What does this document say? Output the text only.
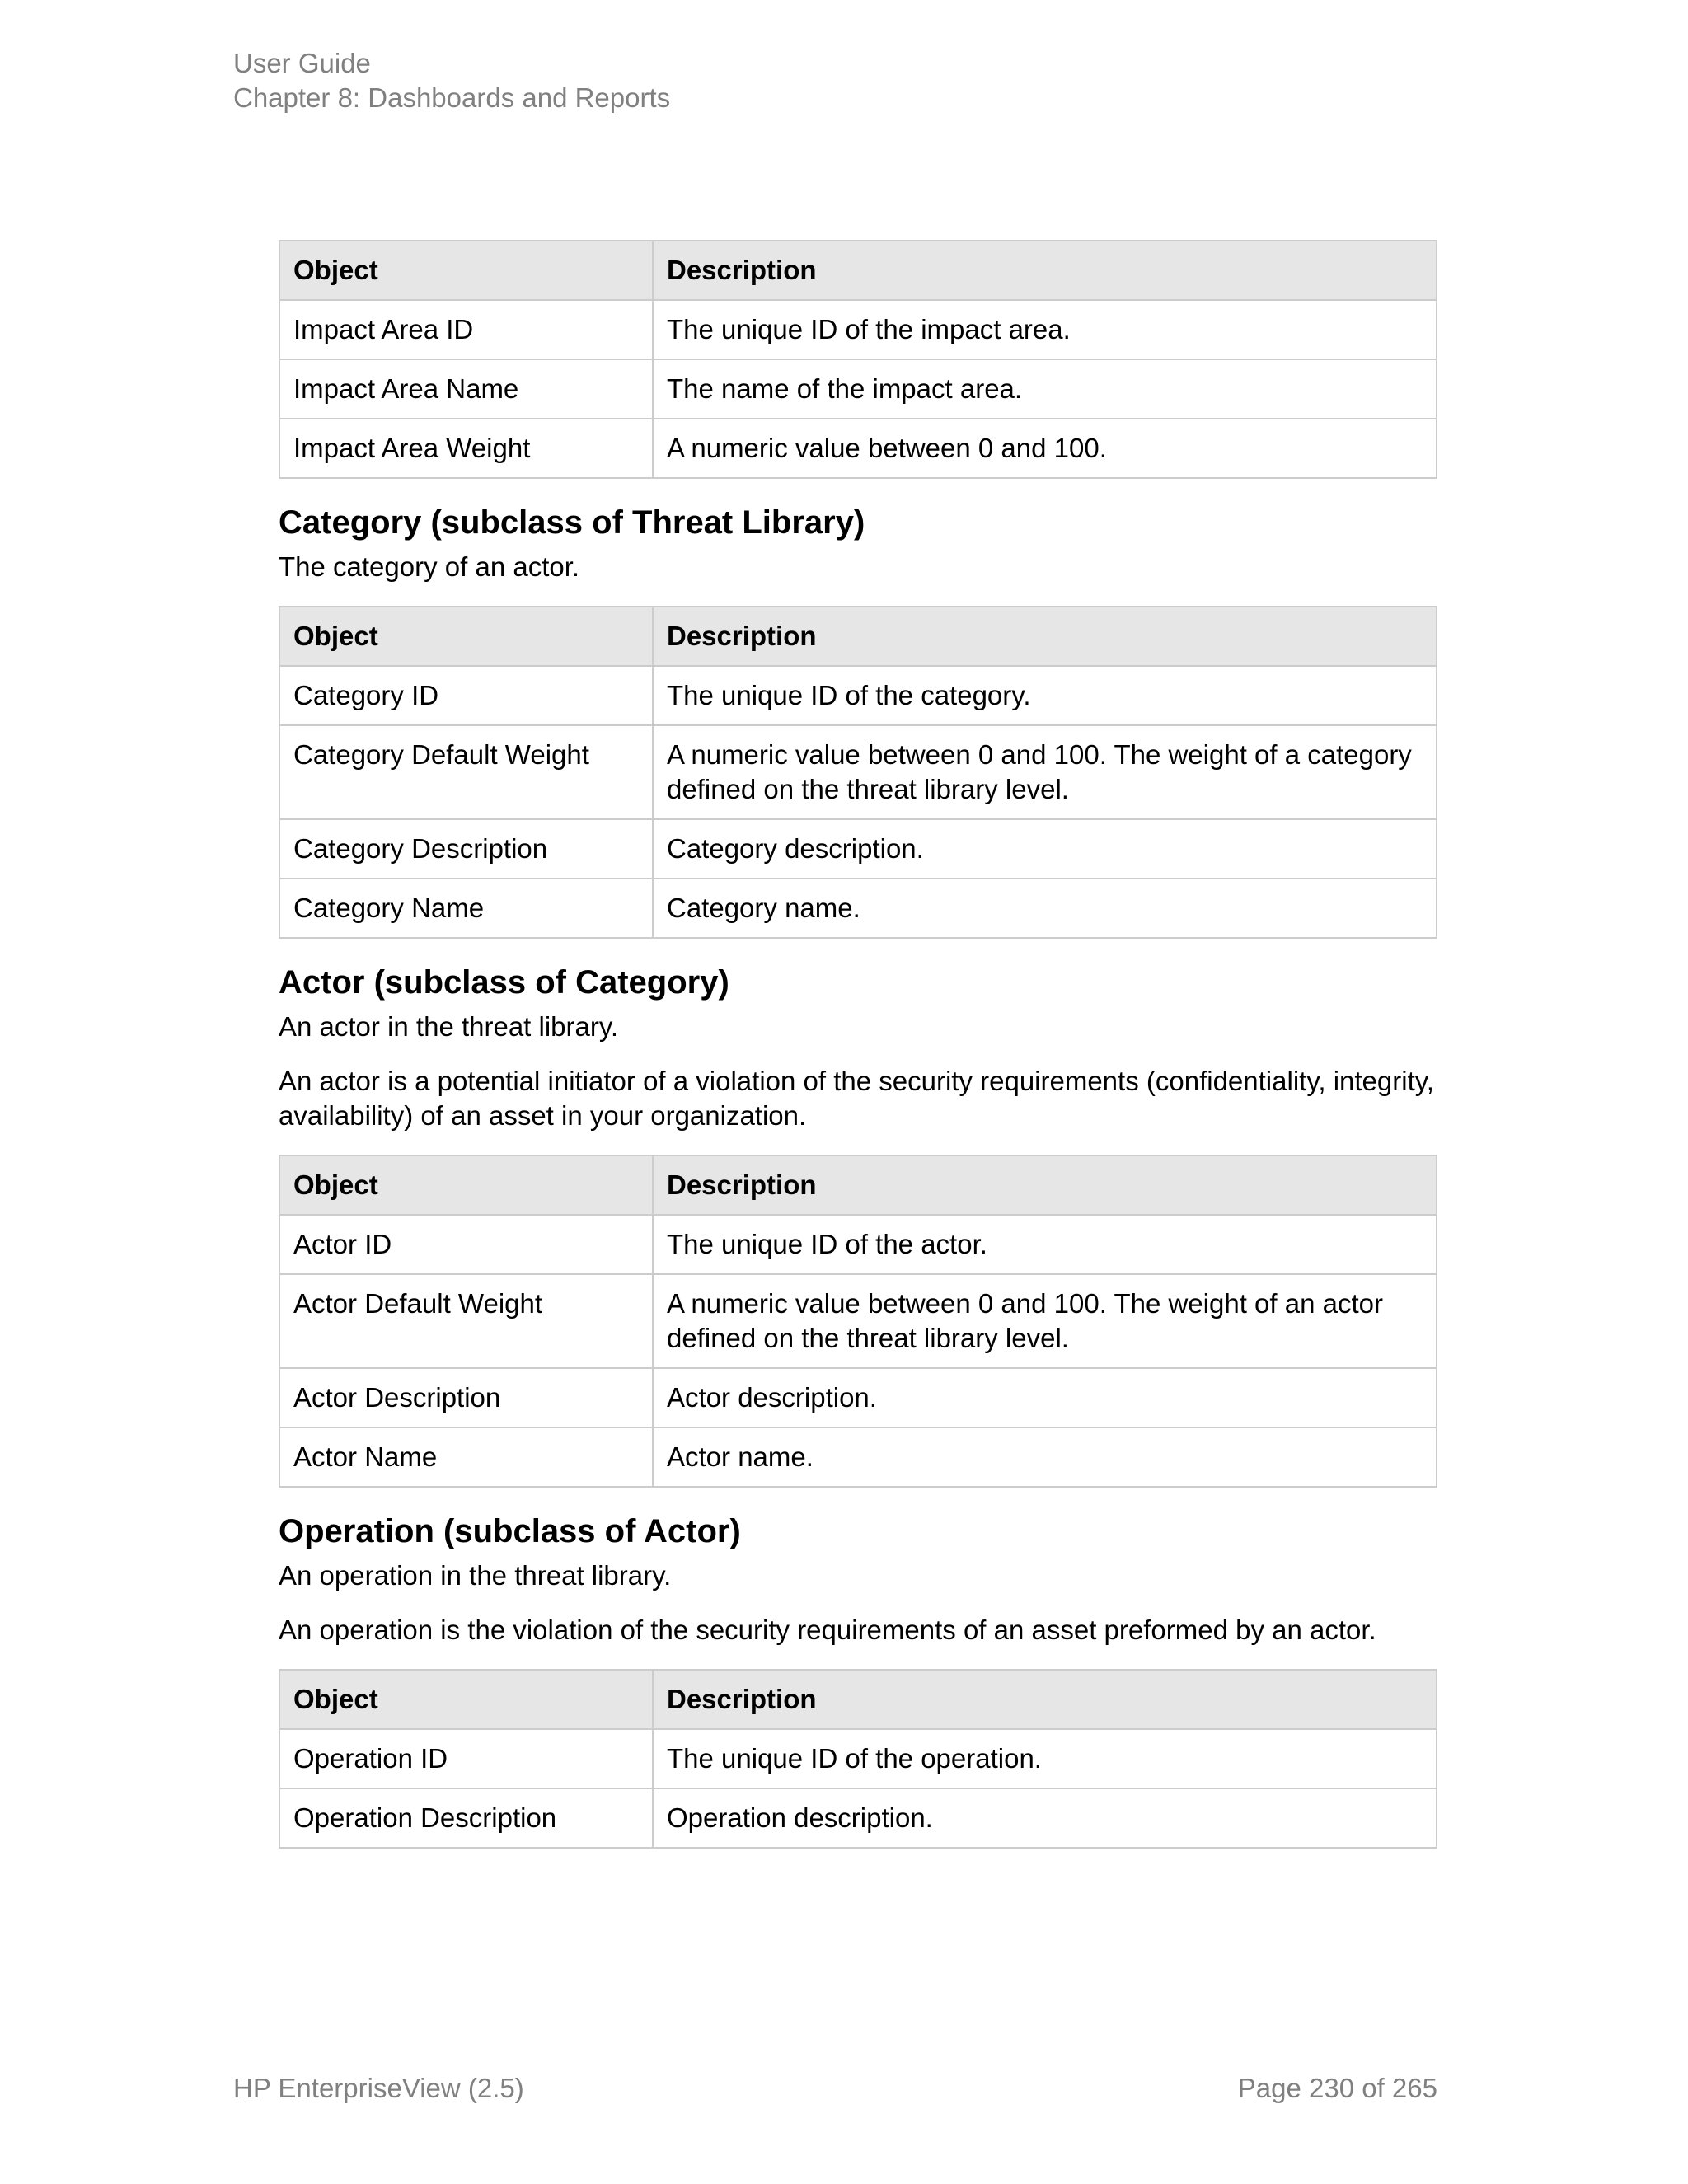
User Guide
Chapter 8: Dashboards and Reports
Object	Description
Impact Area ID	The unique ID of the impact area.
Impact Area Name	The name of the impact area.
Impact Area Weight	A numeric value between 0 and 100.
Category (subclass of Threat Library)

The category of an actor.

Object	Description
Category ID	The unique ID of the category.
Category Default Weight	A numeric value between 0 and 100. The weight of a category defined on the threat library level.
Category Description	Category description.
Category Name	Category name.
Actor (subclass of Category)

An actor in the threat library.

An actor is a potential initiator of a violation of the security requirements (confidentiality, integrity, availability) of an asset in your organization.

Object	Description
Actor ID	The unique ID of the actor.
Actor Default Weight	A numeric value between 0 and 100. The weight of an actor defined on the threat library level.
Actor Description	Actor description.
Actor Name	Actor name.
Operation (subclass of Actor)

An operation in the threat library.

An operation is the violation of the security requirements of an asset preformed by an actor.

Object	Description
Operation ID	The unique ID of the operation.
Operation Description	Operation description.
HP EnterpriseView (2.5)	Page 230 of 265
